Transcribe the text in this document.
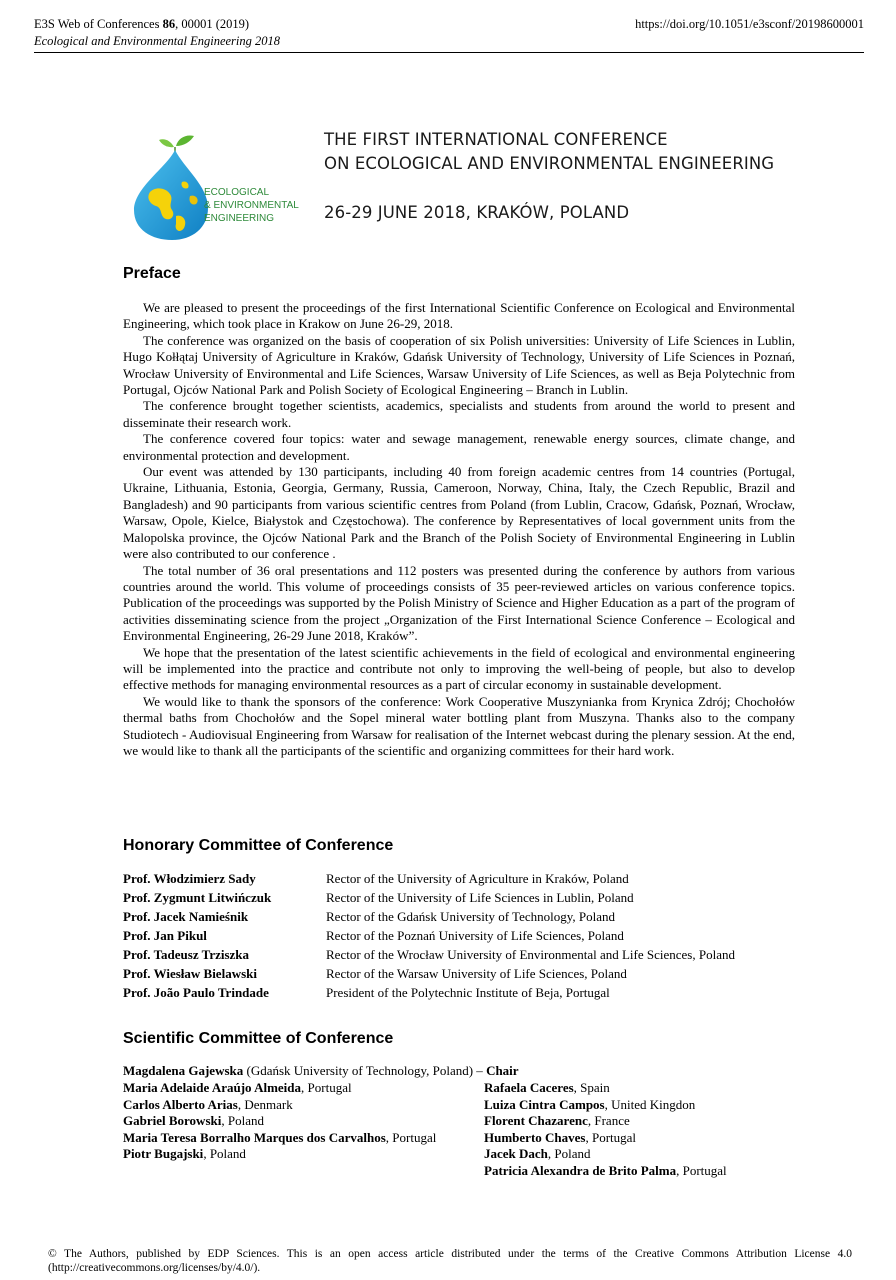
E3S Web of Conferences 86, 00001 (2019)
Ecological and Environmental Engineering 2018
https://doi.org/10.1051/e3sconf/20198600001
ECOLOGICAL
& ENVIRONMENTAL
ENGINEERING
THE FIRST INTERNATIONAL CONFERENCE
ON ECOLOGICAL AND ENVIRONMENTAL ENGINEERING
26-29 JUNE 2018, KRAKÓW, POLAND
Preface

We are pleased to present the proceedings of the first International Scientific Conference on Ecological and Environmental Engineering, which took place in Krakow on June 26-29, 2018.

The conference was organized on the basis of cooperation of six Polish universities: University of Life Sciences in Lublin, Hugo Kołłątaj University of Agriculture in Kraków, Gdańsk University of Technology, University of Life Sciences in Poznań, Wrocław University of Environmental and Life Sciences, Warsaw University of Life Sciences, as well as Beja Polytechnic from Portugal, Ojców National Park and Polish Society of Ecological Engineering – Branch in Lublin.

The conference brought together scientists, academics, specialists and students from around the world to present and disseminate their research work.

The conference covered four topics: water and sewage management, renewable energy sources, climate change, and environmental protection and development.

Our event was attended by 130 participants, including 40 from foreign academic centres from 14 countries (Portugal, Ukraine, Lithuania, Estonia, Georgia, Germany, Russia, Cameroon, Norway, China, Italy, the Czech Republic, Brazil and Bangladesh) and 90 participants from various scientific centres from Poland (from Lublin, Cracow, Gdańsk, Poznań, Wrocław, Warsaw, Opole, Kielce, Białystok and Częstochowa). The conference by Representatives of local government units from the Malopolska province, the Ojców National Park and the Branch of the Polish Society of Environmental Engineering in Lublin were also contributed to our conference .

The total number of 36 oral presentations and 112 posters was presented during the conference by authors from various countries around the world. This volume of proceedings consists of 35 peer-reviewed articles on various conference topics. Publication of the proceedings was supported by the Polish Ministry of Science and Higher Education as a part of the program of activities disseminating science from the project „Organization of the First International Science Conference – Ecological and Environmental Engineering, 26-29 June 2018, Kraków”.

We hope that the presentation of the latest scientific achievements in the field of ecological and environmental engineering will be implemented into the practice and contribute not only to improving the well-being of people, but also to develop effective methods for managing environmental resources as a part of circular economy in sustainable development.

We would like to thank the sponsors of the conference: Work Cooperative Muszynianka from Krynica Zdrój; Chochołów thermal baths from Chochołów and the Sopel mineral water bottling plant from Muszyna. Thanks also to the company Studiotech - Audiovisual Engineering from Warsaw for realisation of the Internet webcast during the plenary session. At the end, we would like to thank all the participants of the scientific and organizing committees for their hard work.

Honorary Committee of Conference
Prof. Włodzimierz Sady	Rector of the University of Agriculture in Kraków, Poland
Prof. Zygmunt Litwińczuk	Rector of the University of Life Sciences in Lublin, Poland
Prof. Jacek Namieśnik	Rector of the Gdańsk University of Technology, Poland
Prof. Jan Pikul	Rector of the Poznań University of Life Sciences, Poland
Prof. Tadeusz Trziszka	Rector of the Wrocław University of Environmental and Life Sciences, Poland
Prof. Wiesław Bielawski	Rector of the Warsaw University of Life Sciences, Poland
Prof. João Paulo Trindade	President of the Polytechnic Institute of Beja, Portugal
Scientific Committee of Conference
Magdalena Gajewska (Gdańsk University of Technology, Poland) – Chair
Maria Adelaide Araújo Almeida, Portugal
Carlos Alberto Arias, Denmark
Gabriel Borowski, Poland
Maria Teresa Borralho Marques dos Carvalhos, Portugal
Piotr Bugajski, Poland
Rafaela Caceres, Spain
Luiza Cintra Campos, United Kingdon
Florent Chazarenc, France
Humberto Chaves, Portugal
Jacek Dach, Poland
Patricia Alexandra de Brito Palma, Portugal
© The Authors, published by EDP Sciences. This is an open access article distributed under the terms of the Creative Commons Attribution License 4.0 (http://creativecommons.org/licenses/by/4.0/).
